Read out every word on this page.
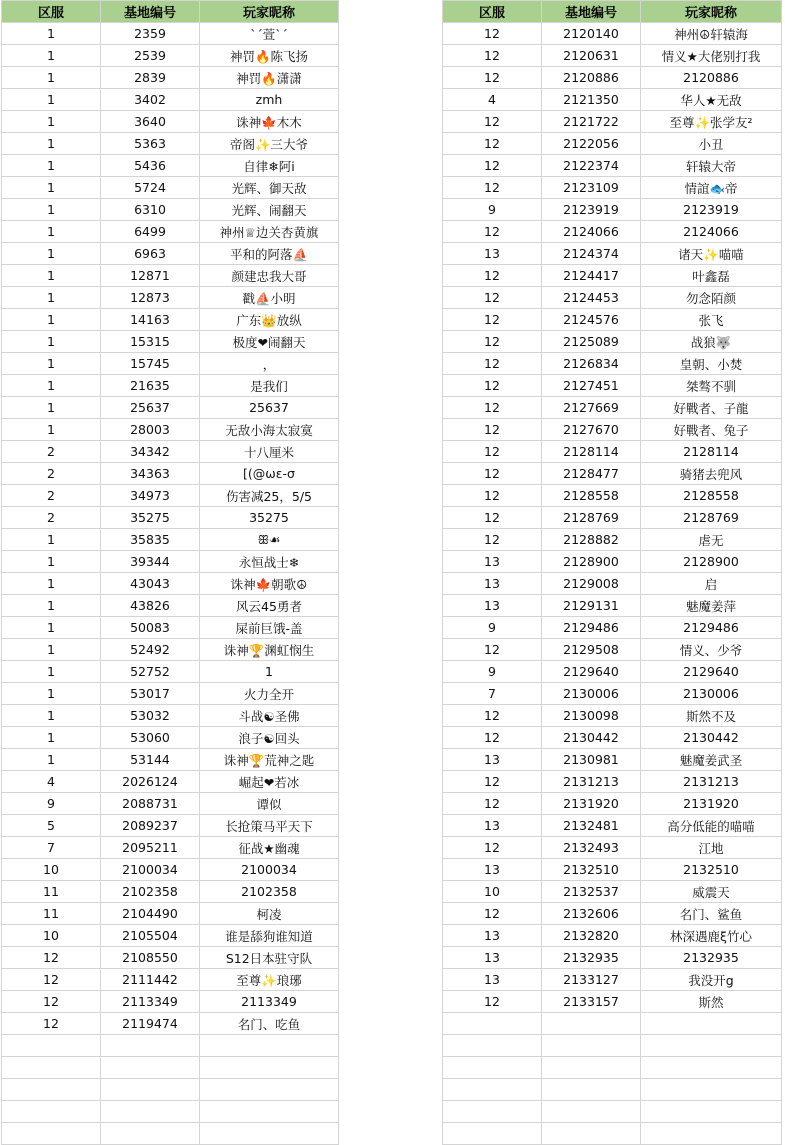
区服	基地编号	玩家昵称
1	2359	`ˊ萱ˋ´
1	2539	神罚🔥陈飞扬
1	2839	神罚🔥潇潇
1	3402	zmh
1	3640	诛神🍁木木
1	5363	帝阁✨三大爷
1	5436	自律❄阿i
1	5724	光辉、御天敌
1	6310	光辉、闹翻天
1	6499	神州♕边关杏黄旗
1	6963	平和的阿落⛵
1	12871	颜建忠我大哥
1	12873	戳⛵小明
1	14163	广东👑放纵
1	15315	极度❤闹翻天
1	15745	，
1	21635	是我们
1	25637	25637
1	28003	无敌小海太寂寞
2	34342	十八厘米
2	34363	[(@ωε-σ
2	34973	伤害减25，5/5
2	35275	35275
1	35835	ꕥ☙
1	39344	永恒战士❄
1	43043	诛神🍁朝歌☮
1	43826	风云45勇者
1	50083	屎前巨饿-盖
1	52492	诛神🏆渊虹悯生
1	52752	1
1	53017	火力全开
1	53032	斗战☯圣佛
1	53060	浪子☯回头
1	53144	诛神🏆荒神之匙
4	2026124	崛起❤若冰
9	2088731	谭似
5	2089237	长抢策马平天下
7	2095211	征战★幽魂
10	2100034	2100034
11	2102358	2102358
11	2104490	柯凌
10	2105504	谁是舔狗谁知道
12	2108550	S12日本驻守队
12	2111442	至尊✨琅琊
12	2113349	2113349
12	2119474	名门、吃鱼

区服	基地编号	玩家昵称
12	2120140	神州☮轩辕海
12	2120631	情义★大佬别打我
12	2120886	2120886
4	2121350	华人★无敌
12	2121722	至尊✨张学友²
12	2122056	小丑
12	2122374	轩辕大帝
12	2123109	情誼🐟帝
9	2123919	2123919
12	2124066	2124066
13	2124374	诸天✨喵喵
12	2124417	叶鑫磊
12	2124453	勿念陌颜
12	2124576	张飞
12	2125089	战狼🐺
12	2126834	皇朝、小焚
12	2127451	桀骜不驯
12	2127669	好戰者、子龍
12	2127670	好戰者、兔子
12	2128114	2128114
12	2128477	骑猪去兜风
12	2128558	2128558
12	2128769	2128769
12	2128882	虐无
13	2128900	2128900
13	2129008	启
13	2129131	魅魔姜萍
9	2129486	2129486
12	2129508	情义、少爷
9	2129640	2129640
7	2130006	2130006
12	2130098	斯然不及
12	2130442	2130442
13	2130981	魅魔姜武圣
12	2131213	2131213
12	2131920	2131920
13	2132481	高分低能的喵喵
12	2132493	江地
13	2132510	2132510
10	2132537	威震天
12	2132606	名门、鲨鱼
13	2132820	林深遇鹿ξ竹心
13	2132935	2132935
13	2133127	我没开g
12	2133157	斯然
